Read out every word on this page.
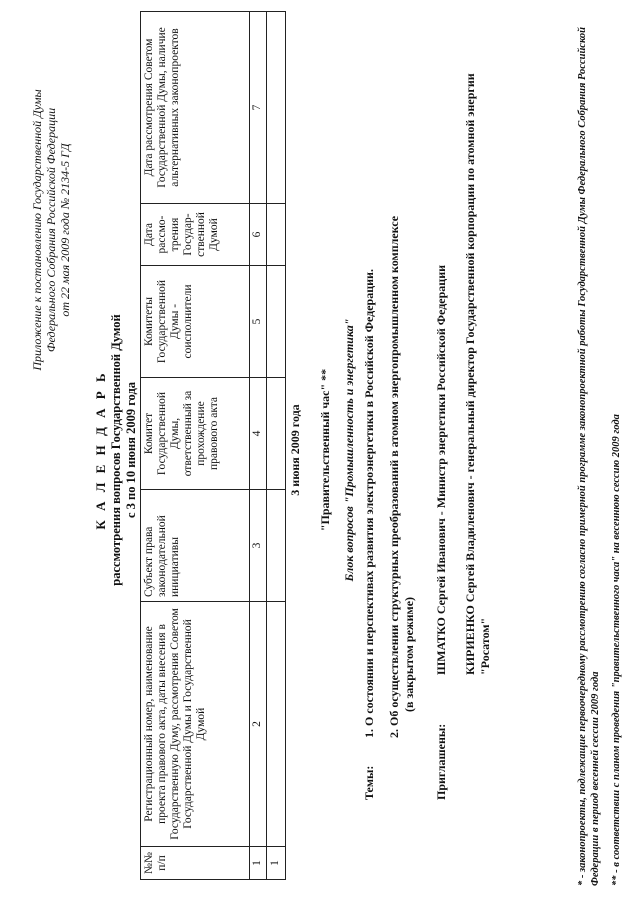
Приложение к постановлению Государственной Думы Федерального Собрания Российской Федерации от 22 мая 2009 года № 2134-5 ГД
К А Л Е Н Д А Р Ь рассмотрения вопросов Государственной Думой с 3 по 10 июня 2009 года
№№ п/п	Регистрационный номер, наименование проекта правового акта, даты внесения в Государственную Думу, рассмотрения Советом Государственной Думы и Государственной Думой	Субъект права законодательной инициативы	Комитет Государственной Думы, ответственный за прохождение правового акта	Комитеты Государственной Думы - соисполнители	Дата рассмо-трения Государ-ственной Думой	Дата рассмотрения Советом Государственной Думы, наличие альтернативных законопроектов
1	2	3	4	5	6	7
1						
3 июня 2009 года "Правительственный час" ** Блок вопросов "Промышленность и энергетика"
Темы:
1. О состоянии и перспективах развития электроэнергетики в Российской Федерации. 2. Об осуществлении структурных преобразований в атомном энергопромышленном комплексе (в закрытом режиме)
Приглашены:
ШМАТКО Сергей Иванович - Министр энергетики Российской Федерации КИРИЕНКО Сергей Владиленович - генеральный директор Государственной корпорации по атомной энергии "Росатом"	* - законопроекты, подлежащие первоочередному рассмотрению согласно примерной программе законопроектной работы Государственной Думы Федерального Собрания Российской Федерации в период весенней сессии 2009 года ** - в соответствии с планом проведения "правительственного часа" на весеннюю сессию 2009 года
